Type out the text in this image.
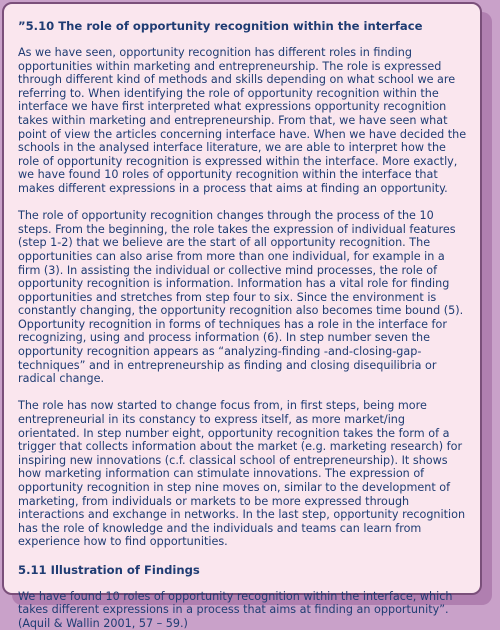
”5.10 The role of opportunity recognition within the interface

As we have seen, opportunity recognition has different roles in finding opportunities within marketing and entrepreneurship. The role is expressed through different kind of methods and skills depending on what school we are referring to. When identifying the role of opportunity recognition within the interface we have first interpreted what expressions opportunity recognition takes within marketing and entrepreneurship. From that, we have seen what point of view the articles concerning interface have. When we have decided the schools in the analysed interface literature, we are able to interpret how the role of opportunity recognition is expressed within the interface. More exactly, we have found 10 roles of opportunity recognition within the interface that makes different expressions in a process that aims at finding an opportunity.

The role of opportunity recognition changes through the process of the 10 steps. From the beginning, the role takes the expression of individual features (step 1-2) that we believe are the start of all opportunity recognition. The opportunities can also arise from more than one individual, for example in a firm (3). In assisting the individual or collective mind processes, the role of opportunity recognition is information. Information has a vital role for finding opportunities and stretches from step four to six. Since the environment is constantly changing, the opportunity recognition also becomes time bound (5). Opportunity recognition in forms of techniques has a role in the interface for recognizing, using and process information (6). In step number seven the opportunity recognition appears as “analyzing-finding -and-closing-gap-techniques” and in entrepreneurship as finding and closing disequilibria or radical change.

The role has now started to change focus from, in first steps, being more entrepreneurial in its constancy to express itself, as more market/ing orientated. In step number eight, opportunity recognition takes the form of a trigger that collects information about the market (e.g. marketing research) for inspiring new innovations (c.f. classical school of entrepreneurship). It shows how marketing information can stimulate innovations. The expression of opportunity recognition in step nine moves on, similar to the development of marketing, from individuals or markets to be more expressed through interactions and exchange in networks. In the last step, opportunity recognition has the role of knowledge and the individuals and teams can learn from experience how to find opportunities.

5.11 Illustration of Findings

We have found 10 roles of opportunity recognition within the interface, which takes different expressions in a process that aims at finding an opportunity”.
(Aquil & Wallin 2001, 57 – 59.)
